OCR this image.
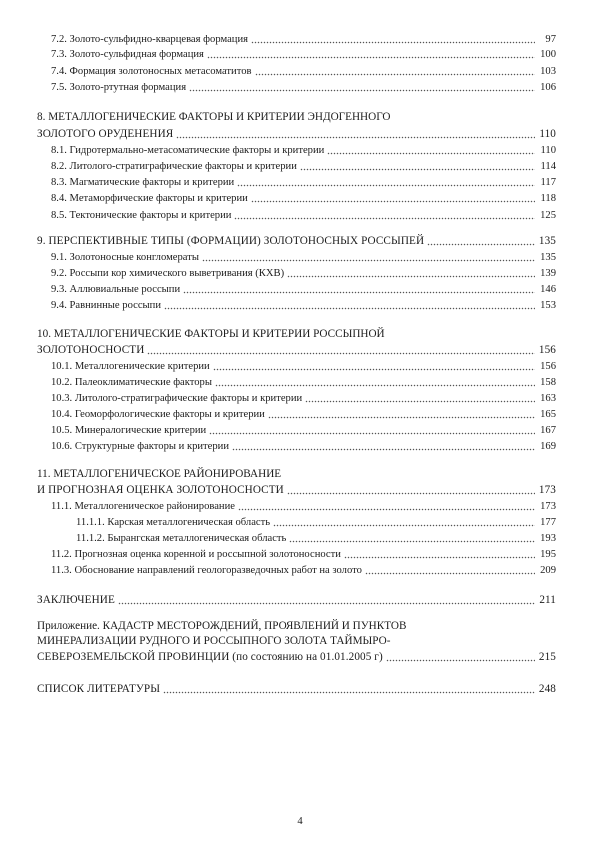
7.2. Золото-сульфидно-кварцевая формация	97
7.3. Золото-сульфидная формация	100
7.4. Формация золотоносных метасоматитов	103
7.5. Золото-ртутная формация	106
8. МЕТАЛЛОГЕНИЧЕСКИЕ ФАКТОРЫ И КРИТЕРИИ ЭНДОГЕННОГО
ЗОЛОТОГО ОРУДЕНЕНИЯ	110
8.1. Гидротермально-метасоматические факторы и критерии	110
8.2. Литолого-стратиграфические факторы и критерии	114
8.3. Магматические факторы и критерии	117
8.4. Метаморфические факторы и критерии	118
8.5. Тектонические факторы и критерии	125
9. ПЕРСПЕКТИВНЫЕ ТИПЫ (ФОРМАЦИИ) ЗОЛОТОНОСНЫХ РОССЫПЕЙ	135
9.1. Золотоносные конгломераты	135
9.2. Россыпи кор химического выветривания (КХВ)	139
9.3. Аллювиальные россыпи	146
9.4. Равнинные россыпи	153
10. МЕТАЛЛОГЕНИЧЕСКИЕ ФАКТОРЫ И КРИТЕРИИ РОССЫПНОЙ
ЗОЛОТОНОСНОСТИ	156
10.1. Металлогенические критерии	156
10.2. Палеоклиматические факторы	158
10.3. Литолого-стратиграфические факторы и критерии	163
10.4. Геоморфологические факторы и критерии	165
10.5. Минералогические критерии	167
10.6. Структурные факторы и критерии	169
11. МЕТАЛЛОГЕНИЧЕСКОЕ РАЙОНИРОВАНИЕ
И ПРОГНОЗНАЯ ОЦЕНКА ЗОЛОТОНОСНОСТИ	173
11.1. Металлогеническое районирование	173
11.1.1. Карская металлогеническая область	177
11.1.2. Бырангская металлогеническая область	193
11.2. Прогнозная оценка коренной и россыпной золотоносности	195
11.3. Обоснование направлений геологоразведочных работ на золото	209
ЗАКЛЮЧЕНИЕ	211
Приложение. КАДАСТР МЕСТОРОЖДЕНИЙ, ПРОЯВЛЕНИЙ И ПУНКТОВ
МИНЕРАЛИЗАЦИИ РУДНОГО И РОССЫПНОГО ЗОЛОТА ТАЙМЫРО-
СЕВЕРОЗЕМЕЛЬСКОЙ ПРОВИНЦИИ (по состоянию на 01.01.2005 г)	215
СПИСОК ЛИТЕРАТУРЫ	248
4
